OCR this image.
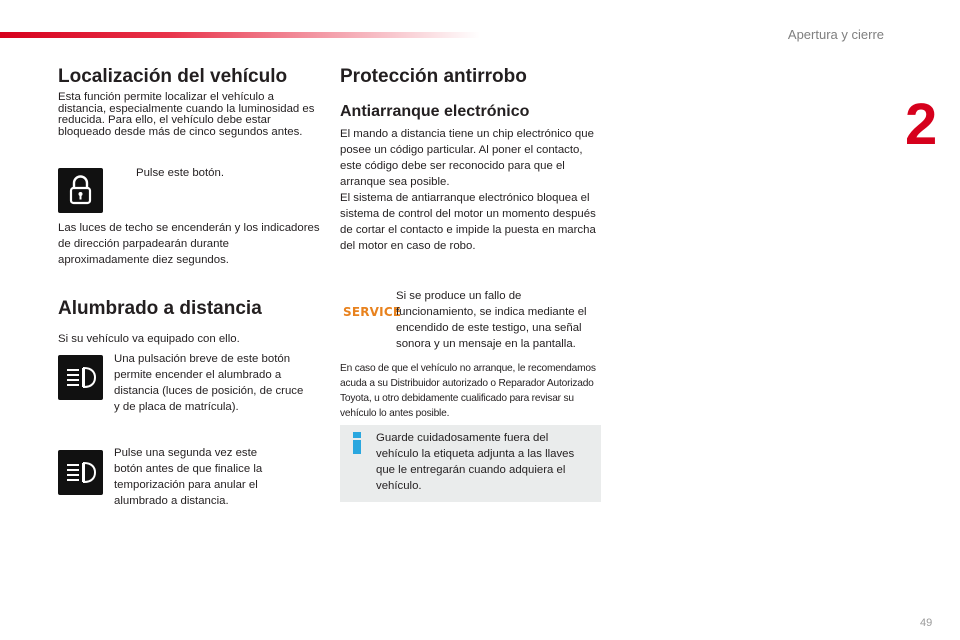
Apertura y cierre
2
49
Localización del vehículo

Esta función permite localizar el vehículo a distancia, especialmente cuando la luminosidad es reducida. Para ello, el vehículo debe estar bloqueado desde más de cinco segundos antes.

Pulse este botón.

Las luces de techo se encenderán y los indicadores de dirección parpadearán durante aproximadamente diez segundos.

Alumbrado a distancia

Si su vehículo va equipado con ello.

Una pulsación breve de este botón permite encender el alumbrado a distancia (luces de posición, de cruce y de placa de matrícula).

Pulse una segunda vez este botón antes de que finalice la temporización para anular el alumbrado a distancia.

Protección antirrobo
Antiarranque electrónico

El mando a distancia tiene un chip electrónico que posee un código particular. Al poner el contacto, este código debe ser reconocido para que el arranque sea posible.

El sistema de antiarranque electrónico bloquea el sistema de control del motor un momento después de cortar el contacto e impide la puesta en marcha del motor en caso de robo.

SERVICE

Si se produce un fallo de funcionamiento, se indica mediante el encendido de este testigo, una señal sonora y un mensaje en la pantalla.

En caso de que el vehículo no arranque, le recomendamos acuda a su Distribuidor autorizado o Reparador Autorizado Toyota, u otro debidamente cualificado para revisar su vehículo lo antes posible.

Guarde cuidadosamente fuera del vehículo la etiqueta adjunta a las llaves que le entregarán cuando adquiera el vehículo.
